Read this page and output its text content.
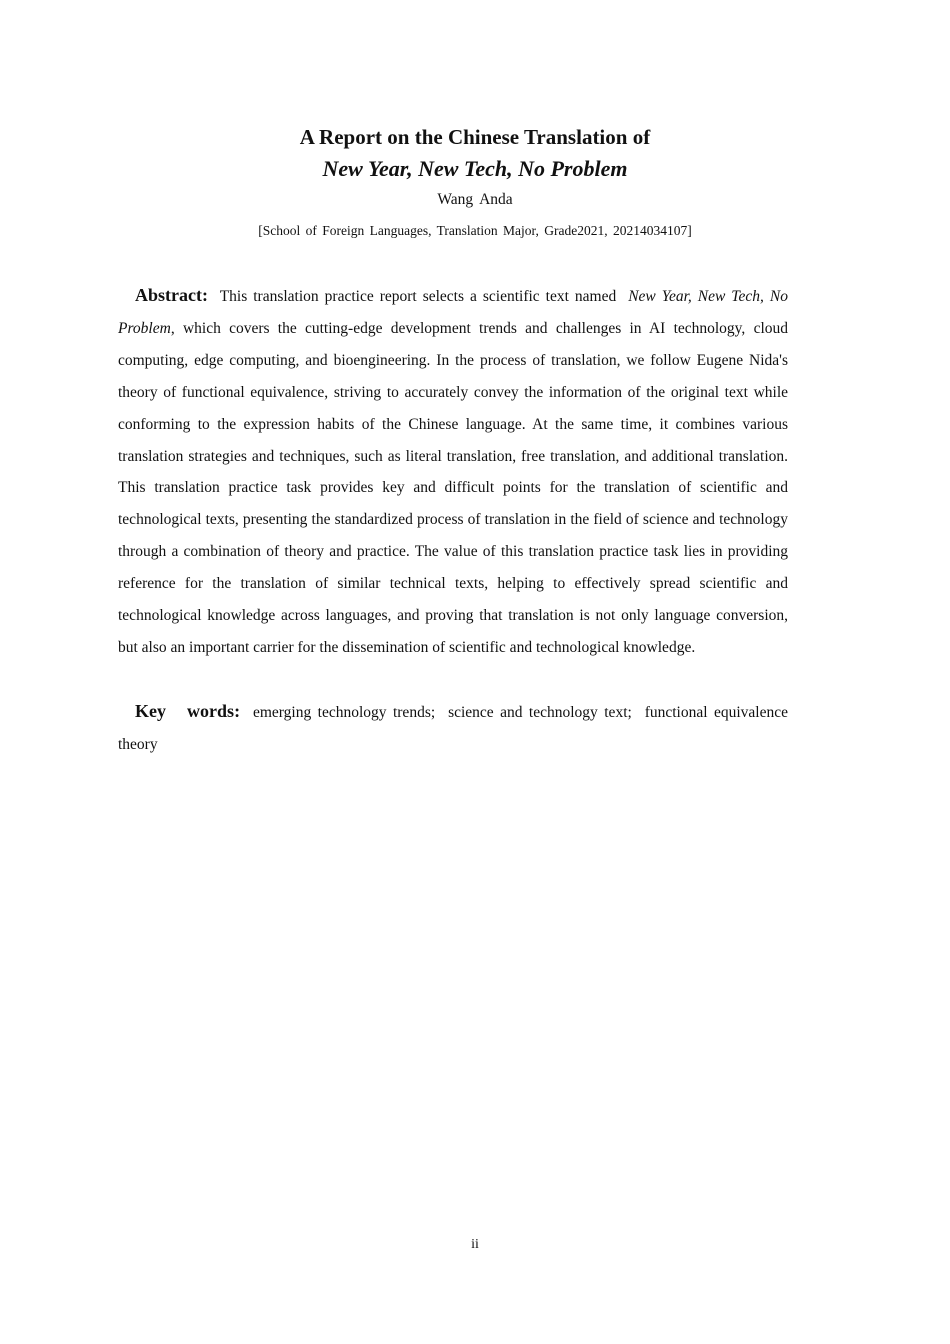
A Report on the Chinese Translation of
New Year, New Tech, No Problem
Wang Anda
[School of Foreign Languages, Translation Major, Grade2021, 20214034107]

Abstract: This translation practice report selects a scientific text named New Year, New Tech, No Problem, which covers the cutting-edge development trends and challenges in AI technology, cloud computing, edge computing, and bioengineering. In the process of translation, we follow Eugene Nida's theory of functional equivalence, striving to accurately convey the information of the original text while conforming to the expression habits of the Chinese language. At the same time, it combines various translation strategies and techniques, such as literal translation, free translation, and additional translation. This translation practice task provides key and difficult points for the translation of scientific and technological texts, presenting the standardized process of translation in the field of science and technology through a combination of theory and practice. The value of this translation practice task lies in providing reference for the translation of similar technical texts, helping to effectively spread scientific and technological knowledge across languages, and proving that translation is not only language conversion, but also an important carrier for the dissemination of scientific and technological knowledge.

Key words: emerging technology trends; science and technology text; functional equivalence theory

ii
